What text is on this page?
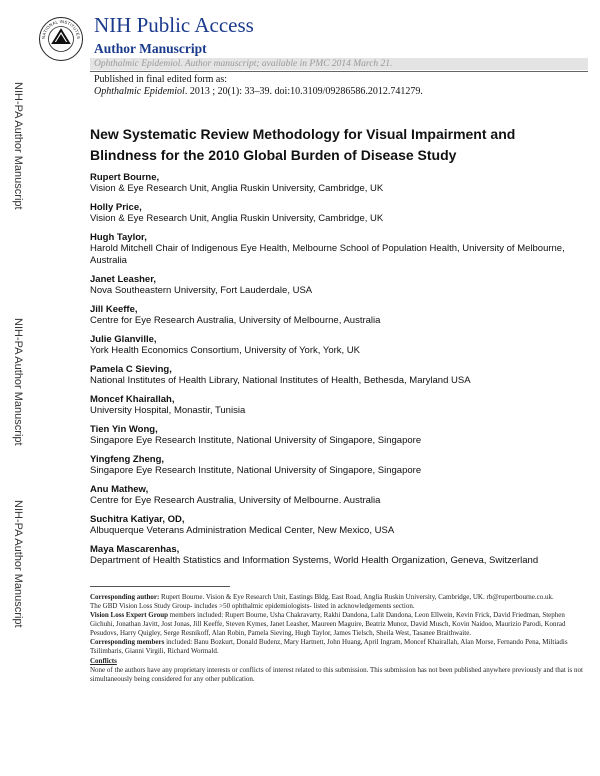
NATIONAL INSTITUTES
NIH Public Access
Author Manuscript
Ophthalmic Epidemiol. Author manuscript; available in PMC 2014 March 21.
Published in final edited form as:
Ophthalmic Epidemiol. 2013 ; 20(1): 33–39. doi:10.3109/09286586.2012.741279.
NIH-PA Author Manuscript
NIH-PA Author Manuscript
NIH-PA Author Manuscript
New Systematic Review Methodology for Visual Impairment and Blindness for the 2010 Global Burden of Disease Study
Rupert Bourne,
Vision & Eye Research Unit, Anglia Ruskin University, Cambridge, UK
Holly Price,
Vision & Eye Research Unit, Anglia Ruskin University, Cambridge, UK
Hugh Taylor,
Harold Mitchell Chair of Indigenous Eye Health, Melbourne School of Population Health, University of Melbourne, Australia
Janet Leasher,
Nova Southeastern University, Fort Lauderdale, USA
Jill Keeffe,
Centre for Eye Research Australia, University of Melbourne, Australia
Julie Glanville,
York Health Economics Consortium, University of York, York, UK
Pamela C Sieving,
National Institutes of Health Library, National Institutes of Health, Bethesda, Maryland USA
Moncef Khairallah,
University Hospital, Monastir, Tunisia
Tien Yin Wong,
Singapore Eye Research Institute, National University of Singapore, Singapore
Yingfeng Zheng,
Singapore Eye Research Institute, National University of Singapore, Singapore
Anu Mathew,
Centre for Eye Research Australia, University of Melbourne. Australia
Suchitra Katiyar, OD,
Albuquerque Veterans Administration Medical Center, New Mexico, USA
Maya Mascarenhas,
Department of Health Statistics and Information Systems, World Health Organization, Geneva, Switzerland

Corresponding author: Rupert Bourne. Vision & Eye Research Unit, Eastings Bldg, East Road, Anglia Ruskin University, Cambridge, UK. rb@rupertbourne.co.uk.

The GBD Vision Loss Study Group- includes >50 ophthalmic epidemiologists- listed in acknowledgements section.

Vision Loss Expert Group members included: Rupert Bourne, Usha Chakravarty, Rakhi Dandona, Lalit Dandona, Leon Ellwein, Kevin Frick, David Friedman, Stephen Gichuhi, Jonathan Javitt, Jost Jonas, Jill Keeffe, Steven Kymes, Janet Leasher, Maureen Maguire, Beatriz Munoz, David Musch, Kovin Naidoo, Maurizio Parodi, Konrad Pesudovs, Harry Quigley, Serge Resnikoff, Alan Robin, Pamela Sieving, Hugh Taylor, James Tielsch, Sheila West, Tasanee Braithwaite.

Corresponding members included: Banu Bozkurt, Donald Budenz, Mary Hartnett, John Huang, April Ingram, Moncef Khairallah, Alan Morse, Fernando Pena, Miltiadis Tsilimbaris, Gianni Virgili, Richard Wormald.

Conflicts

None of the authors have any proprietary interests or conflicts of interest related to this submission. This submission has not been published anywhere previously and that is not simultaneously being considered for any other publication.
